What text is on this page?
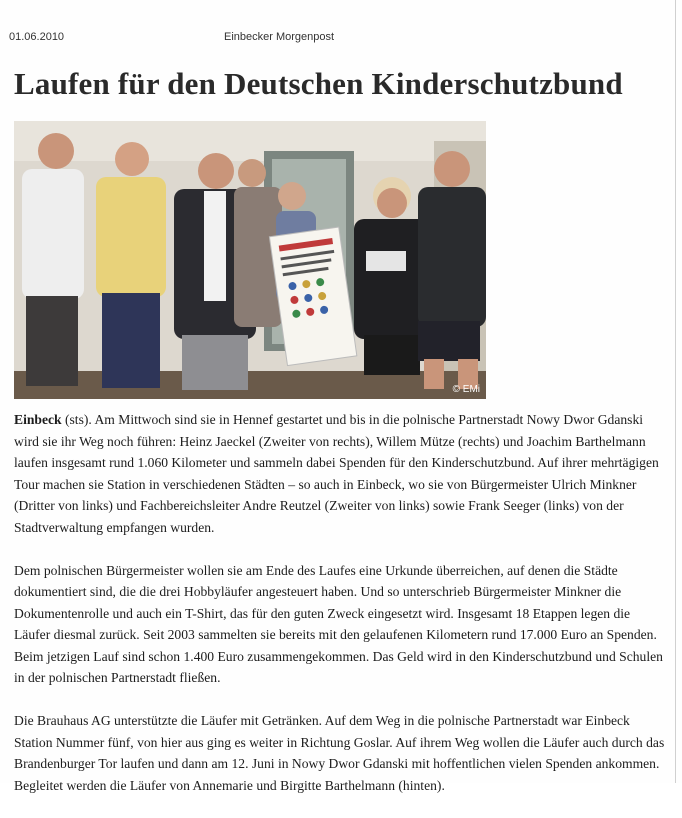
01.06.2010	Einbecker Morgenpost
Laufen für den Deutschen Kinderschutzbund
© EMi

Einbeck (sts). Am Mittwoch sind sie in Hennef gestartet und bis in die polnische Partnerstadt Nowy Dwor Gdanski wird sie ihr Weg noch führen: Heinz Jaeckel (Zweiter von rechts), Willem Mütze (rechts) und Joachim Barthelmann laufen insgesamt rund 1.060 Kilometer und sammeln dabei Spenden für den Kinderschutzbund. Auf ihrer mehrtägigen Tour machen sie Station in verschiedenen Städten – so auch in Einbeck, wo sie von Bürgermeister Ulrich Minkner (Dritter von links) und Fachbereichsleiter Andre Reutzel (Zweiter von links) sowie Frank Seeger (links) von der Stadtverwaltung empfangen wurden.

Dem polnischen Bürgermeister wollen sie am Ende des Laufes eine Urkunde überreichen, auf denen die Städte dokumentiert sind, die die drei Hobbyläufer angesteuert haben. Und so unterschrieb Bürgermeister Minkner die Dokumentenrolle und auch ein T-Shirt, das für den guten Zweck eingesetzt wird. Insgesamt 18 Etappen legen die Läufer diesmal zurück. Seit 2003 sammelten sie bereits mit den gelaufenen Kilometern rund 17.000 Euro an Spenden. Beim jetzigen Lauf sind schon 1.400 Euro zusammengekommen. Das Geld wird in den Kinderschutzbund und Schulen in der polnischen Partnerstadt fließen.

Die Brauhaus AG unterstützte die Läufer mit Getränken. Auf dem Weg in die polnische Partnerstadt war Einbeck Station Nummer fünf, von hier aus ging es weiter in Richtung Goslar. Auf ihrem Weg wollen die Läufer auch durch das Brandenburger Tor laufen und dann am 12. Juni in Nowy Dwor Gdanski mit hoffentlichen vielen Spenden ankommen. Begleitet werden die Läufer von Annemarie und Birgitte Barthelmann (hinten).
